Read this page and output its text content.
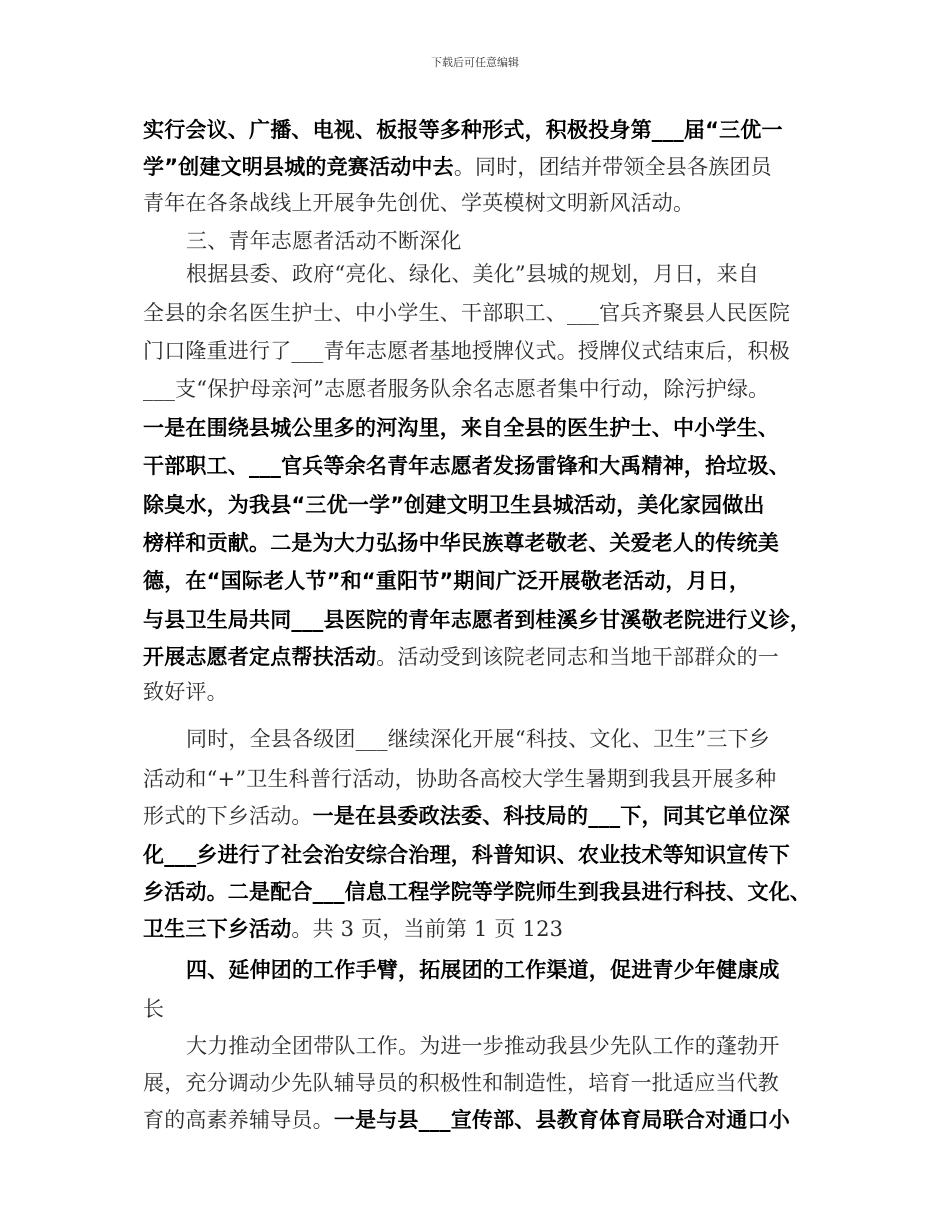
下载后可任意编辑
实行会议、广播、电视、板报等多种形式，积极投身第___届“三优一
学”创建文明县城的竞赛活动中去。同时，团结并带领全县各族团员
青年在各条战线上开展争先创优、学英模树文明新风活动。
三、青年志愿者活动不断深化
根据县委、政府“亮化、绿化、美化”县城的规划，月日，来自
全县的余名医生护士、中小学生、干部职工、___官兵齐聚县人民医院
门口隆重进行了___青年志愿者基地授牌仪式。授牌仪式结束后，积极
___支“保护母亲河”志愿者服务队余名志愿者集中行动，除污护绿。
一是在围绕县城公里多的河沟里，来自全县的医生护士、中小学生、
干部职工、___官兵等余名青年志愿者发扬雷锋和大禹精神，拾垃圾、
除臭水，为我县“三优一学”创建文明卫生县城活动，美化家园做出
榜样和贡献。二是为大力弘扬中华民族尊老敬老、关爱老人的传统美
德，在“国际老人节”和“重阳节”期间广泛开展敬老活动，月日，
与县卫生局共同___县医院的青年志愿者到桂溪乡甘溪敬老院进行义诊，
开展志愿者定点帮扶活动。活动受到该院老同志和当地干部群众的一
致好评。
同时，全县各级团___继续深化开展“科技、文化、卫生”三下乡
活动和“+”卫生科普行活动，协助各高校大学生暑期到我县开展多种
形式的下乡活动。一是在县委政法委、科技局的___下，同其它单位深
化___乡进行了社会治安综合治理，科普知识、农业技术等知识宣传下
乡活动。二是配合___信息工程学院等学院师生到我县进行科技、文化、
卫生三下乡活动。共 3 页，当前第 1 页 123
四、延伸团的工作手臂，拓展团的工作渠道，促进青少年健康成
长
大力推动全团带队工作。为进一步推动我县少先队工作的蓬勃开
展，充分调动少先队辅导员的积极性和制造性，培育一批适应当代教
育的高素养辅导员。一是与县___宣传部、县教育体育局联合对通口小
